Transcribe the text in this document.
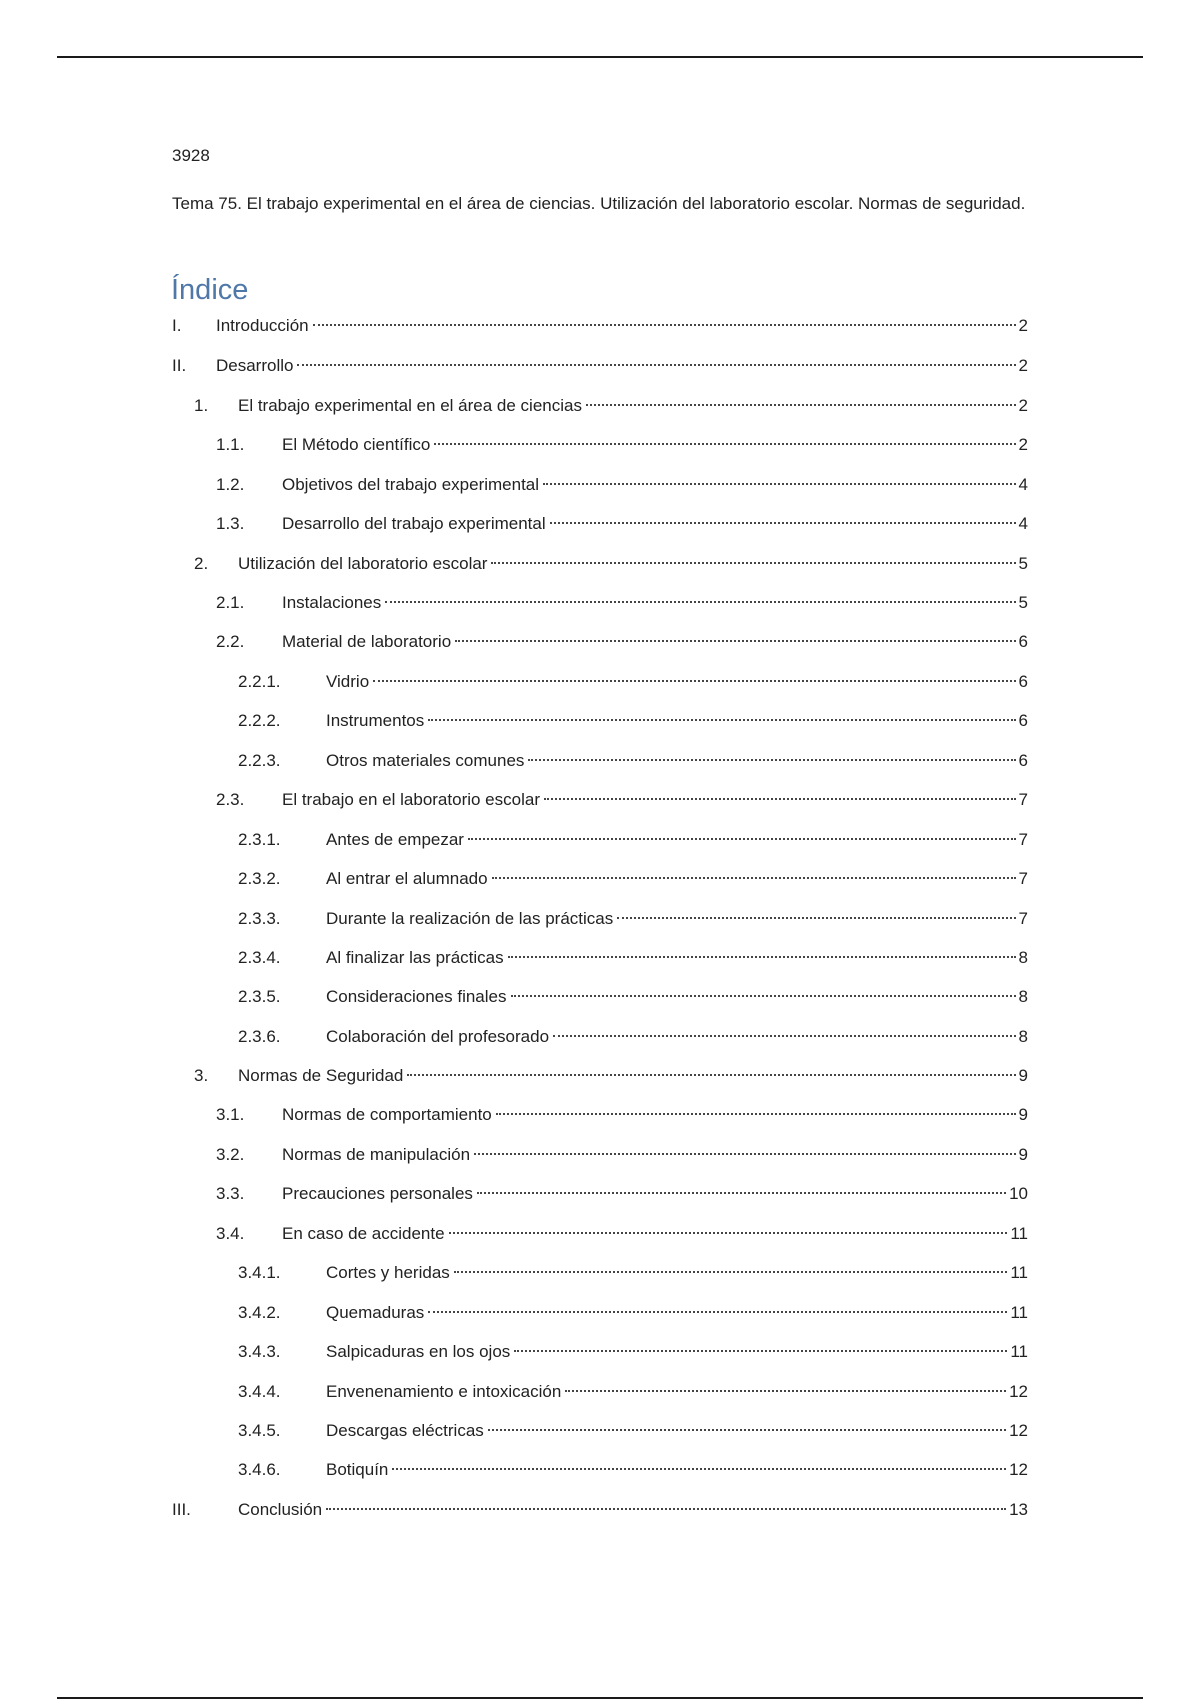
3928

Tema 75. El trabajo experimental en el área de ciencias. Utilización del laboratorio escolar. Normas de seguridad.

Índice
I. Introducción	2
II. Desarrollo	2
1. El trabajo experimental en el área de ciencias	2
1.1. El Método científico	2
1.2. Objetivos del trabajo experimental	4
1.3. Desarrollo del trabajo experimental	4
2. Utilización del laboratorio escolar	5
2.1. Instalaciones	5
2.2. Material de laboratorio	6
2.2.1.	Vidrio	6
2.2.2.	Instrumentos	6
2.2.3.	Otros materiales comunes	6
2.3. El trabajo en el laboratorio escolar	7
2.3.1.	Antes de empezar	7
2.3.2.	Al entrar el alumnado	7
2.3.3.	Durante la realización de las prácticas	7
2.3.4.	Al finalizar las prácticas	8
2.3.5.	Consideraciones finales	8
2.3.6.	Colaboración del profesorado	8
3. Normas de Seguridad	9
3.1. Normas de comportamiento	9
3.2. Normas de manipulación	9
3.3. Precauciones personales	10
3.4. En caso de accidente	11
3.4.1.	Cortes y heridas	11
3.4.2.	Quemaduras	11
3.4.3.	Salpicaduras en los ojos	11
3.4.4.	Envenenamiento e intoxicación	12
3.4.5.	Descargas eléctricas	12
3.4.6.	Botiquín	12
III.	Conclusión	13
